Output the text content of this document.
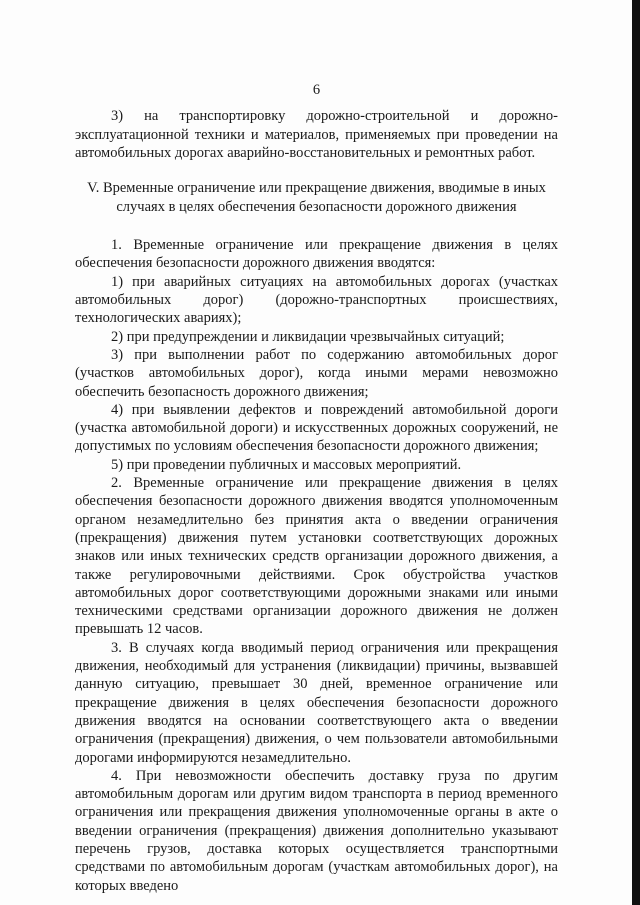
6

3) на транспортировку дорожно-строительной и дорожно-эксплуатационной техники и материалов, применяемых при проведении на автомобильных дорогах аварийно-восстановительных и ремонтных работ.

V. Временные ограничение или прекращение движения, вводимые в иных случаях в целях обеспечения безопасности дорожного движения

1. Временные ограничение или прекращение движения в целях обеспечения безопасности дорожного движения вводятся:

1) при аварийных ситуациях на автомобильных дорогах (участках автомобильных дорог) (дорожно-транспортных происшествиях, технологических авариях);

2) при предупреждении и ликвидации чрезвычайных ситуаций;

3) при выполнении работ по содержанию автомобильных дорог (участков автомобильных дорог), когда иными мерами невозможно обеспечить безопасность дорожного движения;

4) при выявлении дефектов и повреждений автомобильной дороги (участка автомобильной дороги) и искусственных дорожных сооружений, не допустимых по условиям обеспечения безопасности дорожного движения;

5) при проведении публичных и массовых мероприятий.

2. Временные ограничение или прекращение движения в целях обеспечения безопасности дорожного движения вводятся уполномоченным органом незамедлительно без принятия акта о введении ограничения (прекращения) движения путем установки соответствующих дорожных знаков или иных технических средств организации дорожного движения, а также регулировочными действиями. Срок обустройства участков автомобильных дорог соответствующими дорожными знаками или иными техническими средствами организации дорожного движения не должен превышать 12 часов.

3. В случаях когда вводимый период ограничения или прекращения движения, необходимый для устранения (ликвидации) причины, вызвавшей данную ситуацию, превышает 30 дней, временное ограничение или прекращение движения в целях обеспечения безопасности дорожного движения вводятся на основании соответствующего акта о введении ограничения (прекращения) движения, о чем пользователи автомобильными дорогами информируются незамедлительно.

4. При невозможности обеспечить доставку груза по другим автомобильным дорогам или другим видом транспорта в период временного ограничения или прекращения движения уполномоченные органы в акте о введении ограничения (прекращения) движения дополнительно указывают перечень грузов, доставка которых осуществляется транспортными средствами по автомобильным дорогам (участкам автомобильных дорог), на которых введено
